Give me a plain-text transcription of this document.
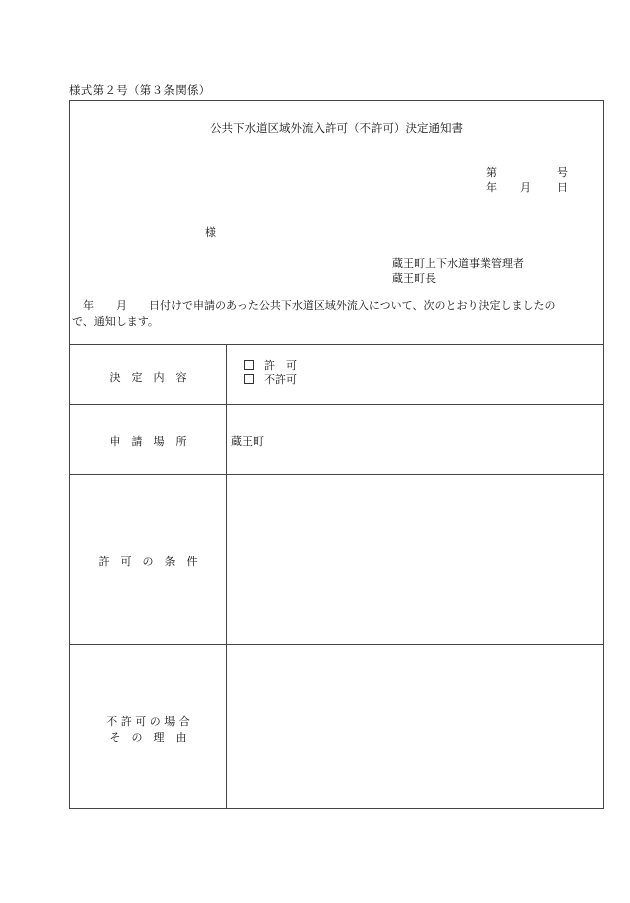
様式第２号（第３条関係）
公共下水道区域外流入許可（不許可）決定通知書
第	号
年 月 日
様
蔵王町上下水道事業管理者
蔵王町長
　年　　月　　日付けで申請のあった公共下水道区域外流入について、次のとおり決定しましたの
で、通知します。
決　定　内　容
許　可
不許可
申　請　場　所	蔵王町
許　可　の　条　件
不 許 可 の 場 合
そ　の　理　由
